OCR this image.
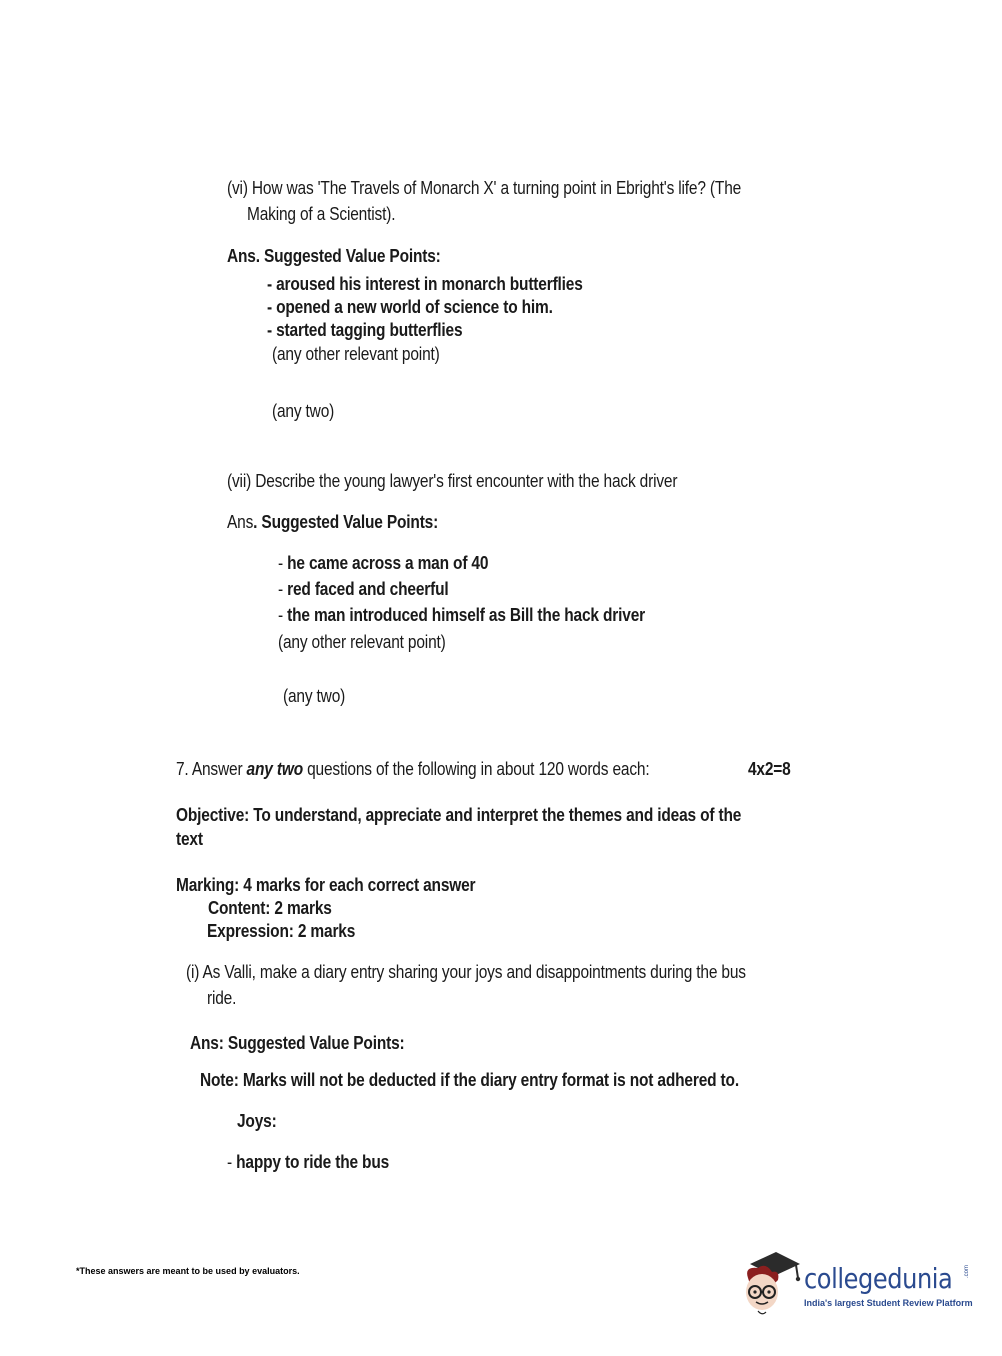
(vi) How was 'The Travels of Monarch X' a turning point in Ebright's life? (The
Making of a Scientist).
Ans. Suggested Value Points:
- aroused his interest in monarch butterflies
- opened a new world of science to him.
- started tagging butterflies
(any other relevant point)
(any two)
(vii) Describe the young lawyer's first encounter with the hack driver
Ans. Suggested Value Points:
- he came across a man of 40
- red faced and cheerful
- the man introduced himself as Bill the hack driver
(any other relevant point)
(any two)
7. Answer any two questions of the following in about 120 words each:	4x2=8
Objective: To understand, appreciate and interpret the themes and ideas of the
text
Marking: 4 marks for each correct answer
Content: 2 marks
Expression: 2 marks
(i) As Valli, make a diary entry sharing your joys and disappointments during the bus
ride.
Ans: Suggested Value Points:
Note: Marks will not be deducted if the diary entry format is not adhered to.
Joys:
- happy to ride the bus
*These answers are meant to be used by evaluators.	collegedunia .com
India's largest Student Review Platform
